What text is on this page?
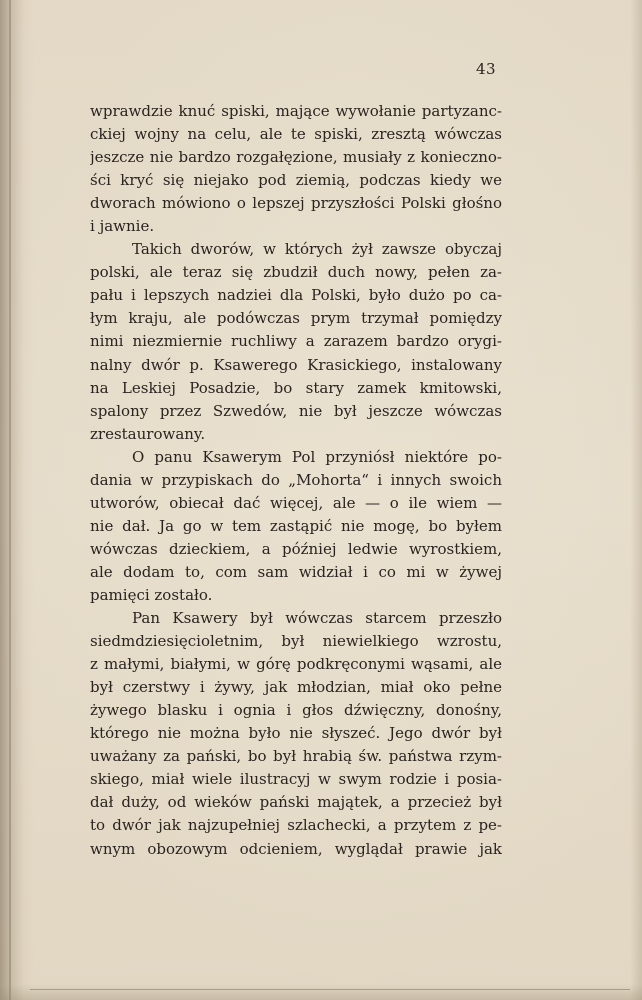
43
wprawdzie knuć spiski, mające wywołanie partyzanc-
ckiej wojny na celu, ale te spiski, zresztą wówczas
jeszcze nie bardzo rozgałęzione, musiały z konieczno-
ści kryć się niejako pod ziemią, podczas kiedy we
dworach mówiono o lepszej przyszłości Polski głośno
i jawnie.
Takich dworów, w których żył zawsze obyczaj
polski, ale teraz się zbudził duch nowy, pełen za-
pału i lepszych nadziei dla Polski, było dużo po ca-
łym kraju, ale podówczas prym trzymał pomiędzy
nimi niezmiernie ruchliwy a zarazem bardzo orygi-
nalny dwór p. Ksawerego Krasickiego, instalowany
na Leskiej Posadzie, bo stary zamek kmitowski,
spalony przez Szwedów, nie był jeszcze wówczas
zrestaurowany.
O panu Ksawerym Pol przyniósł niektóre po-
dania w przypiskach do „Mohorta“ i innych swoich
utworów, obiecał dać więcej, ale — o ile wiem —
nie dał. Ja go w tem zastąpić nie mogę, bo byłem
wówczas dzieckiem, a później ledwie wyrostkiem,
ale dodam to, com sam widział i co mi w żywej
pamięci zostało.
Pan Ksawery był wówczas starcem przeszło
siedmdziesięcioletnim, był niewielkiego wzrostu,
z małymi, białymi, w górę podkręconymi wąsami, ale
był czerstwy i żywy, jak młodzian, miał oko pełne
żywego blasku i ognia i głos dźwięczny, donośny,
którego nie można było nie słyszeć. Jego dwór był
uważany za pański, bo był hrabią św. państwa rzym-
skiego, miał wiele ilustracyj w swym rodzie i posia-
dał duży, od wieków pański majątek, a przecież był
to dwór jak najzupełniej szlachecki, a przytem z pe-
wnym obozowym odcieniem, wyglądał prawie jak
